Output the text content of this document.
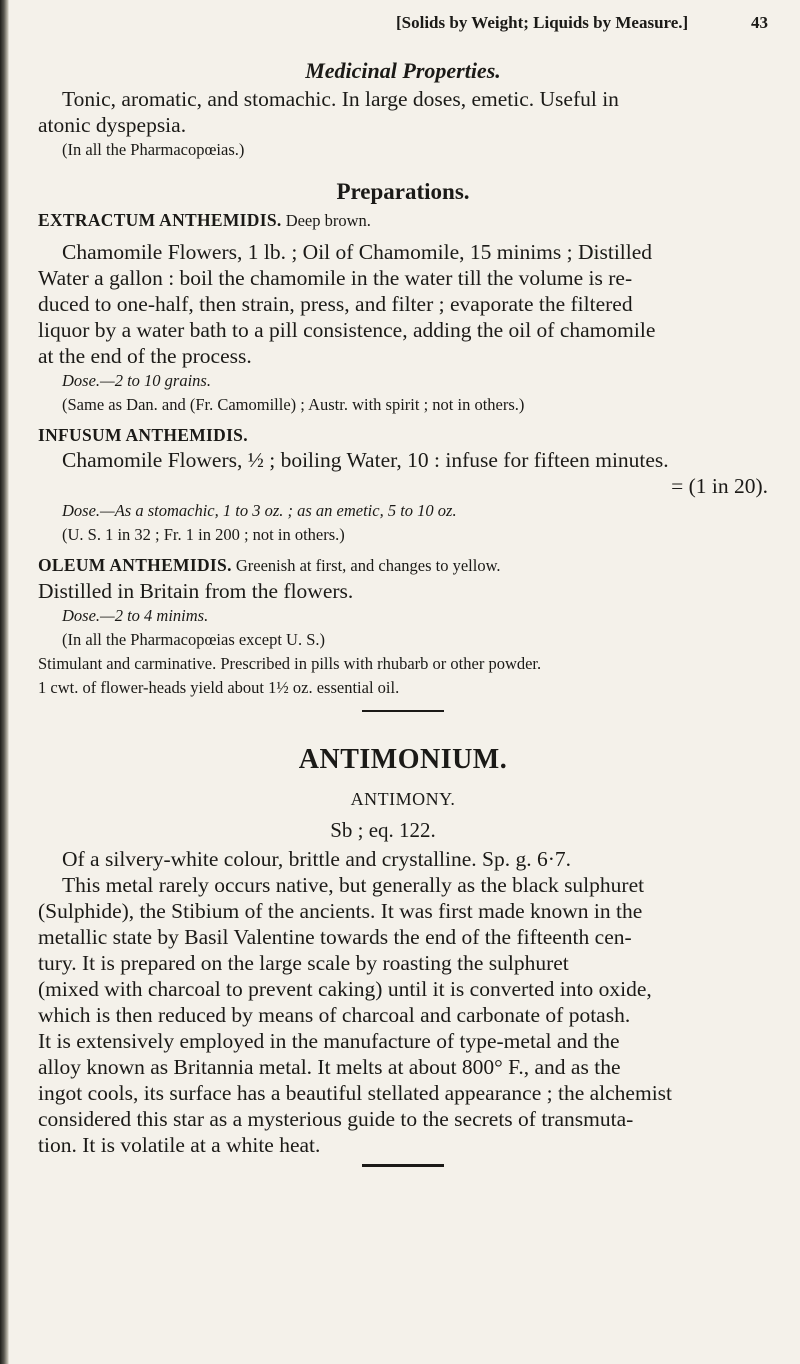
[Solids by Weight; Liquids by Measure.]	43
Medicinal Properties.
Tonic, aromatic, and stomachic. In large doses, emetic. Useful in
atonic dyspepsia.
(In all the Pharmacopœias.)
Preparations.
EXTRACTUM ANTHEMIDIS. Deep brown.
Chamomile Flowers, 1 lb. ; Oil of Chamomile, 15 minims ; Distilled
Water a gallon : boil the chamomile in the water till the volume is re-
duced to one-half, then strain, press, and filter ; evaporate the filtered
liquor by a water bath to a pill consistence, adding the oil of chamomile
at the end of the process.
Dose.—2 to 10 grains.
(Same as Dan. and (Fr. Camomille) ; Austr. with spirit ; not in others.)
INFUSUM ANTHEMIDIS.
Chamomile Flowers, ½ ; boiling Water, 10 : infuse for fifteen minutes.
= (1 in 20).
Dose.—As a stomachic, 1 to 3 oz. ; as an emetic, 5 to 10 oz.
(U. S. 1 in 32 ; Fr. 1 in 200 ; not in others.)
OLEUM ANTHEMIDIS. Greenish at first, and changes to yellow.
Distilled in Britain from the flowers.
Dose.—2 to 4 minims.
(In all the Pharmacopœias except U. S.)
Stimulant and carminative. Prescribed in pills with rhubarb or other powder.
1 cwt. of flower-heads yield about 1½ oz. essential oil.
ANTIMONIUM.
ANTIMONY.
Sb ; eq. 122.
Of a silvery-white colour, brittle and crystalline. Sp. g. 6·7.
This metal rarely occurs native, but generally as the black sulphuret
(Sulphide), the Stibium of the ancients. It was first made known in the
metallic state by Basil Valentine towards the end of the fifteenth cen-
tury. It is prepared on the large scale by roasting the sulphuret
(mixed with charcoal to prevent caking) until it is converted into oxide,
which is then reduced by means of charcoal and carbonate of potash.
It is extensively employed in the manufacture of type-metal and the
alloy known as Britannia metal. It melts at about 800° F., and as the
ingot cools, its surface has a beautiful stellated appearance ; the alchemist
considered this star as a mysterious guide to the secrets of transmuta-
tion. It is volatile at a white heat.
